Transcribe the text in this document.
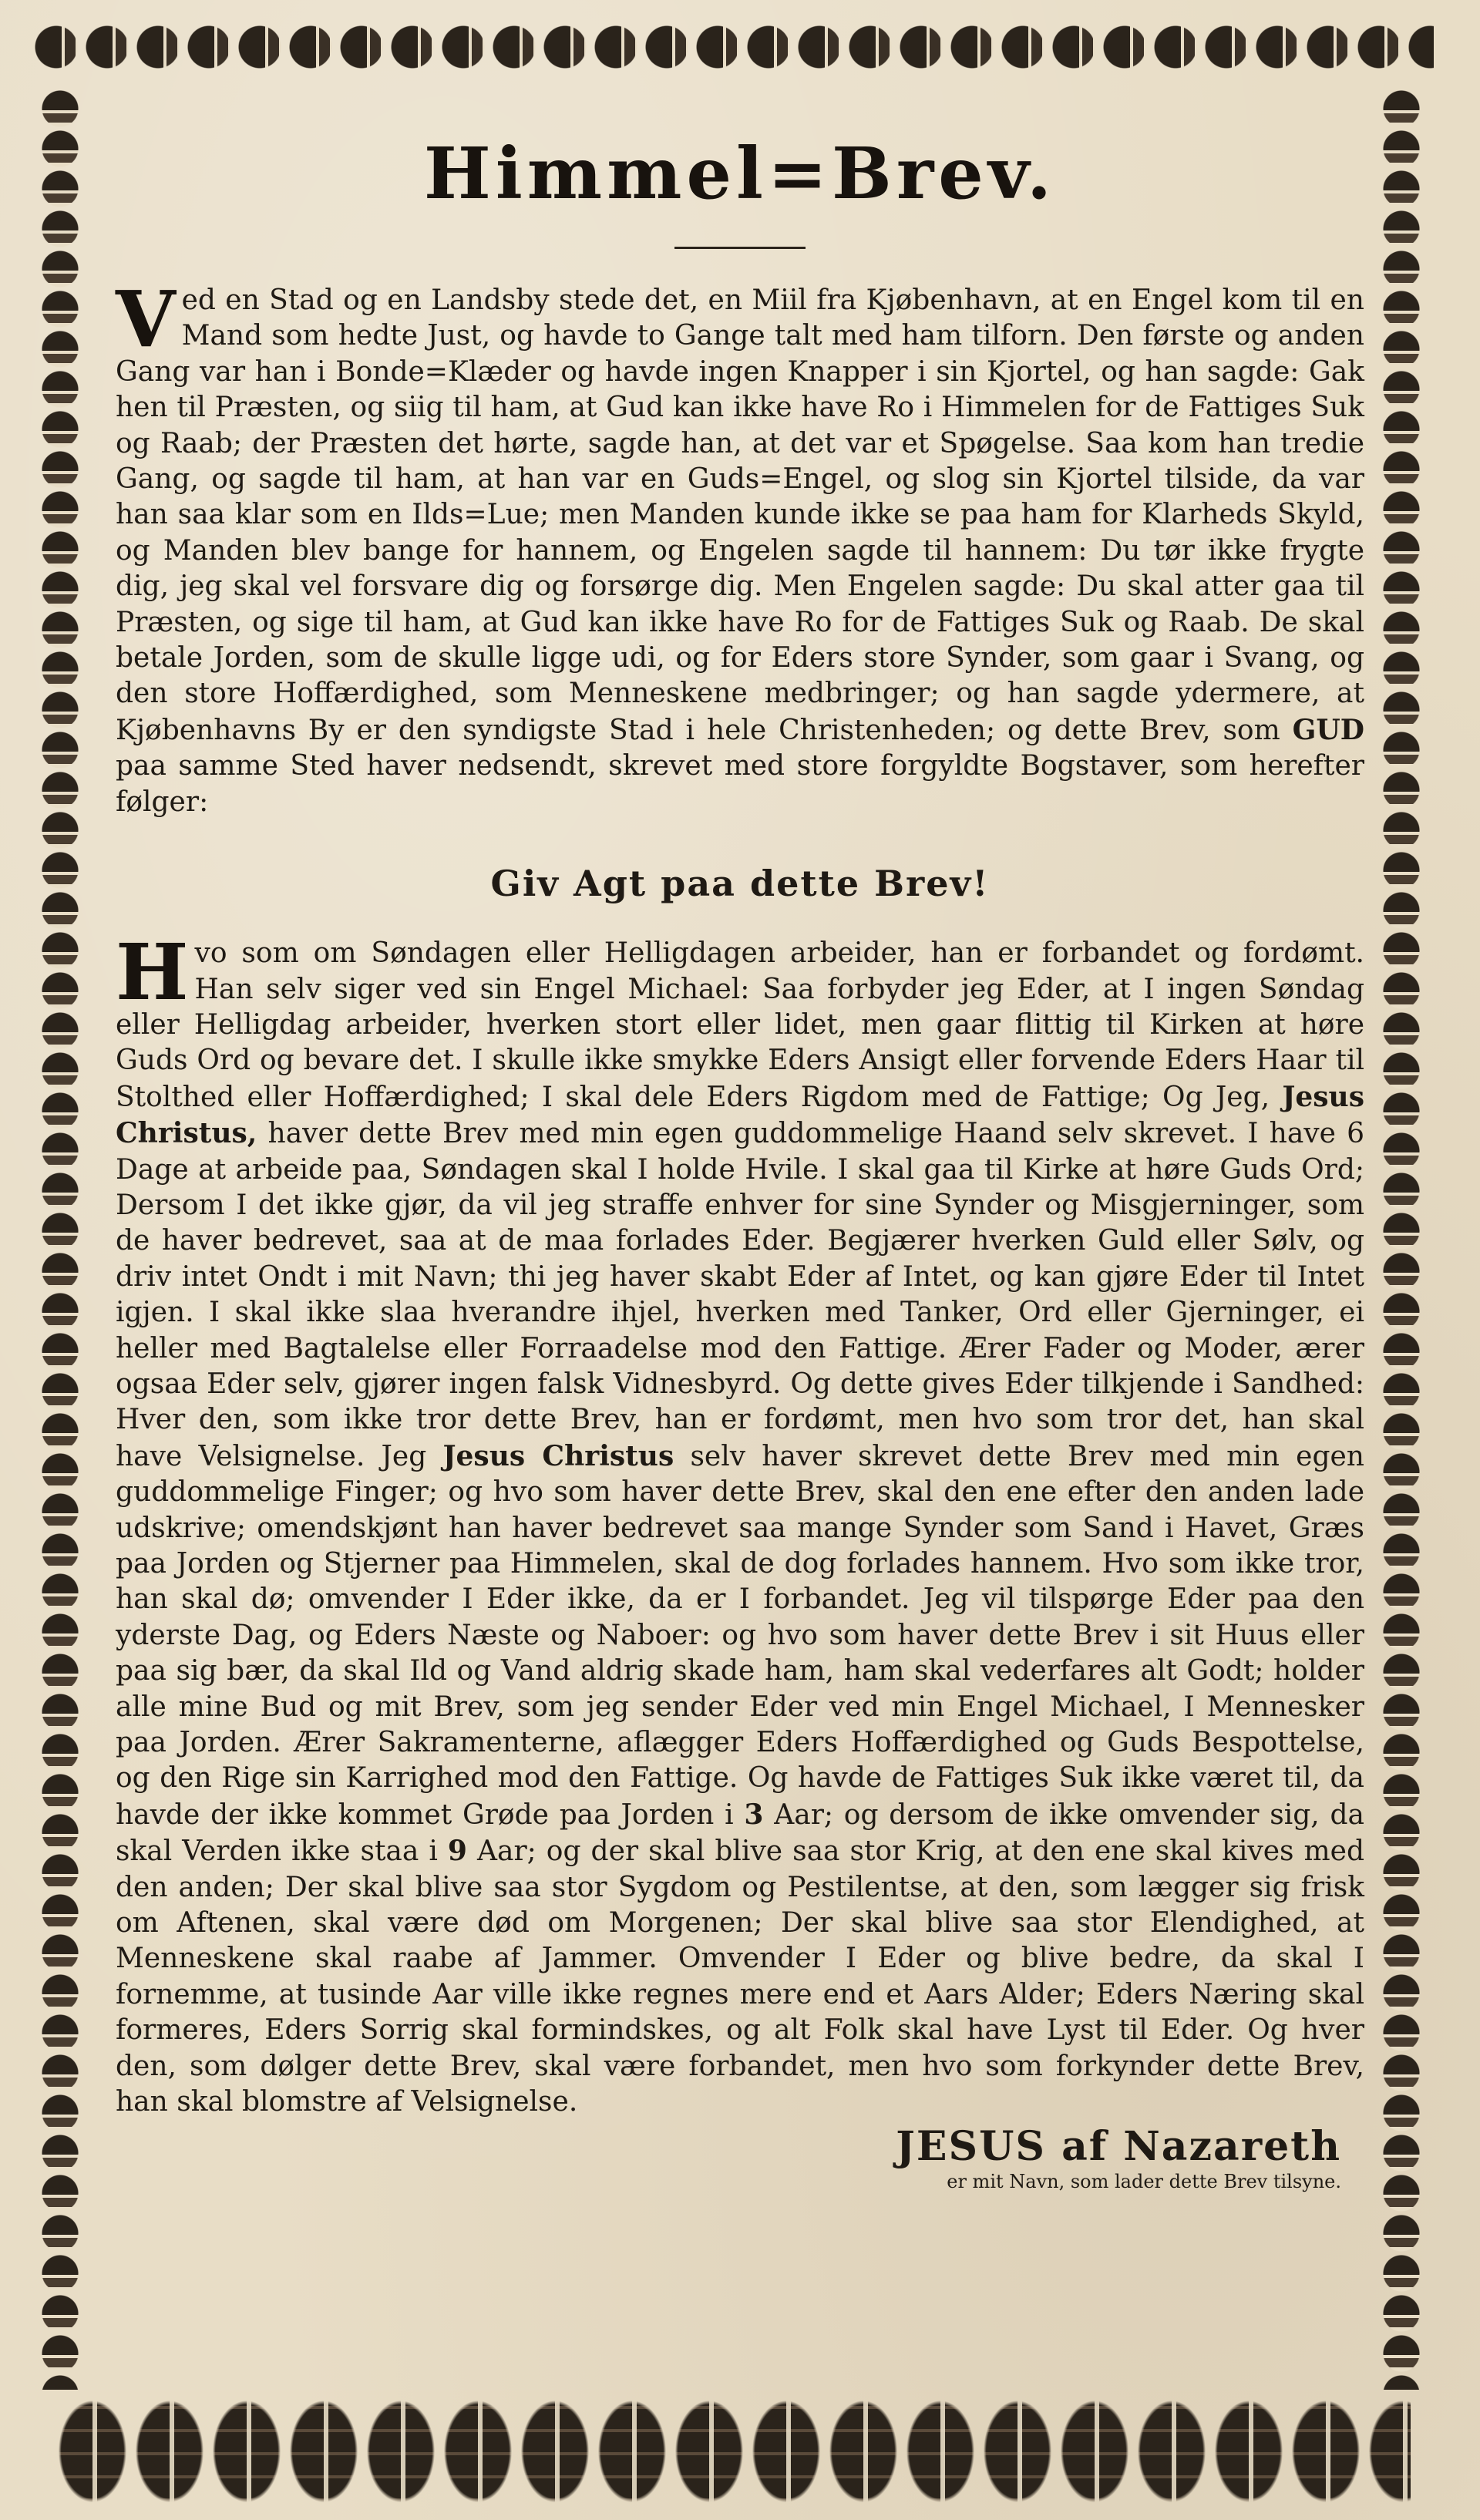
Himmel=Brev.

Ved en Stad og en Landsby stede det, en Miil fra Kjøbenhavn, at en Engel kom til en Mand som hedte Just, og havde to Gange talt med ham tilforn. Den første og anden Gang var han i Bonde=Klæder og havde ingen Knapper i sin Kjortel, og han sagde: Gak hen til Præsten, og siig til ham, at Gud kan ikke have Ro i Himmelen for de Fattiges Suk og Raab; der Præsten det hørte, sagde han, at det var et Spøgelse. Saa kom han tredie Gang, og sagde til ham, at han var en Guds=Engel, og slog sin Kjortel tilside, da var han saa klar som en Ilds=Lue; men Manden kunde ikke se paa ham for Klarheds Skyld, og Manden blev bange for hannem, og Engelen sagde til hannem: Du tør ikke frygte dig, jeg skal vel forsvare dig og forsørge dig. Men Engelen sagde: Du skal atter gaa til Præsten, og sige til ham, at Gud kan ikke have Ro for de Fattiges Suk og Raab. De skal betale Jorden, som de skulle ligge udi, og for Eders store Synder, som gaar i Svang, og den store Hoffærdighed, som Menneskene medbringer; og han sagde ydermere, at Kjøbenhavns By er den syndigste Stad i hele Christenheden; og dette Brev, som GUD paa samme Sted haver nedsendt, skrevet med store forgyldte Bogstaver, som herefter følger:

Giv Agt paa dette Brev!

Hvo som om Søndagen eller Helligdagen arbeider, han er forbandet og fordømt. Han selv siger ved sin Engel Michael: Saa forbyder jeg Eder, at I ingen Søndag eller Helligdag arbeider, hverken stort eller lidet, men gaar flittig til Kirken at høre Guds Ord og bevare det. I skulle ikke smykke Eders Ansigt eller forvende Eders Haar til Stolthed eller Hoffærdighed; I skal dele Eders Rigdom med de Fattige; Og Jeg, Jesus Christus, haver dette Brev med min egen guddommelige Haand selv skrevet. I have 6 Dage at arbeide paa, Søndagen skal I holde Hvile. I skal gaa til Kirke at høre Guds Ord; Dersom I det ikke gjør, da vil jeg straffe enhver for sine Synder og Misgjerninger, som de haver bedrevet, saa at de maa forlades Eder. Begjærer hverken Guld eller Sølv, og driv intet Ondt i mit Navn; thi jeg haver skabt Eder af Intet, og kan gjøre Eder til Intet igjen. I skal ikke slaa hverandre ihjel, hverken med Tanker, Ord eller Gjerninger, ei heller med Bagtalelse eller Forraadelse mod den Fattige. Ærer Fader og Moder, ærer ogsaa Eder selv, gjører ingen falsk Vidnesbyrd. Og dette gives Eder tilkjende i Sandhed: Hver den, som ikke tror dette Brev, han er fordømt, men hvo som tror det, han skal have Velsignelse. Jeg Jesus Christus selv haver skrevet dette Brev med min egen guddommelige Finger; og hvo som haver dette Brev, skal den ene efter den anden lade udskrive; omendskjønt han haver bedrevet saa mange Synder som Sand i Havet, Græs paa Jorden og Stjerner paa Himmelen, skal de dog forlades hannem. Hvo som ikke tror, han skal dø; omvender I Eder ikke, da er I forbandet. Jeg vil tilspørge Eder paa den yderste Dag, og Eders Næste og Naboer: og hvo som haver dette Brev i sit Huus eller paa sig bær, da skal Ild og Vand aldrig skade ham, ham skal vederfares alt Godt; holder alle mine Bud og mit Brev, som jeg sender Eder ved min Engel Michael, I Mennesker paa Jorden. Ærer Sakramenterne, aflægger Eders Hoffærdighed og Guds Bespottelse, og den Rige sin Karrighed mod den Fattige. Og havde de Fattiges Suk ikke været til, da havde der ikke kommet Grøde paa Jorden i 3 Aar; og dersom de ikke omvender sig, da skal Verden ikke staa i 9 Aar; og der skal blive saa stor Krig, at den ene skal kives med den anden; Der skal blive saa stor Sygdom og Pestilentse, at den, som lægger sig frisk om Aftenen, skal være død om Morgenen; Der skal blive saa stor Elendighed, at Menneskene skal raabe af Jammer. Omvender I Eder og blive bedre, da skal I fornemme, at tusinde Aar ville ikke regnes mere end et Aars Alder; Eders Næring skal formeres, Eders Sorrig skal formindskes, og alt Folk skal have Lyst til Eder. Og hver den, som dølger dette Brev, skal være forbandet, men hvo som forkynder dette Brev, han skal blomstre af Velsignelse.

JESUS af Nazareth
er mit Navn, som lader dette Brev tilsyne.
